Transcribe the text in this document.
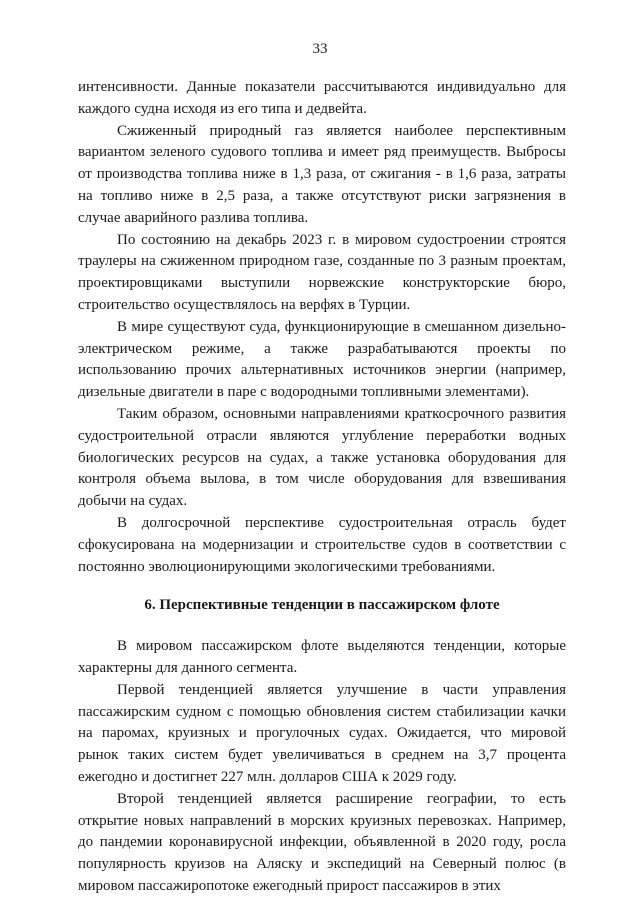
33

интенсивности. Данные показатели рассчитываются индивидуально для каждого судна исходя из его типа и дедвейта.

Сжиженный природный газ является наиболее перспективным вариантом зеленого судового топлива и имеет ряд преимуществ. Выбросы от производства топлива ниже в 1,3 раза, от сжигания - в 1,6 раза, затраты на топливо ниже в 2,5 раза, а также отсутствуют риски загрязнения в случае аварийного разлива топлива.

По состоянию на декабрь 2023 г. в мировом судостроении строятся траулеры на сжиженном природном газе, созданные по 3 разным проектам, проектировщиками выступили норвежские конструкторские бюро, строительство осуществлялось на верфях в Турции.

В мире существуют суда, функционирующие в смешанном дизельно-электрическом режиме, а также разрабатываются проекты по использованию прочих альтернативных источников энергии (например, дизельные двигатели в паре с водородными топливными элементами).

Таким образом, основными направлениями краткосрочного развития судостроительной отрасли являются углубление переработки водных биологических ресурсов на судах, а также установка оборудования для контроля объема вылова, в том числе оборудования для взвешивания добычи на судах.

В долгосрочной перспективе судостроительная отрасль будет сфокусирована на модернизации и строительстве судов в соответствии с постоянно эволюционирующими экологическими требованиями.

6. Перспективные тенденции в пассажирском флоте

В мировом пассажирском флоте выделяются тенденции, которые характерны для данного сегмента.

Первой тенденцией является улучшение в части управления пассажирским судном с помощью обновления систем стабилизации качки на паромах, круизных и прогулочных судах. Ожидается, что мировой рынок таких систем будет увеличиваться в среднем на 3,7 процента ежегодно и достигнет 227 млн. долларов США к 2029 году.

Второй тенденцией является расширение географии, то есть открытие новых направлений в морских круизных перевозках. Например, до пандемии коронавирусной инфекции, объявленной в 2020 году, росла популярность круизов на Аляску и экспедиций на Северный полюс (в мировом пассажиропотоке ежегодный прирост пассажиров в этих
